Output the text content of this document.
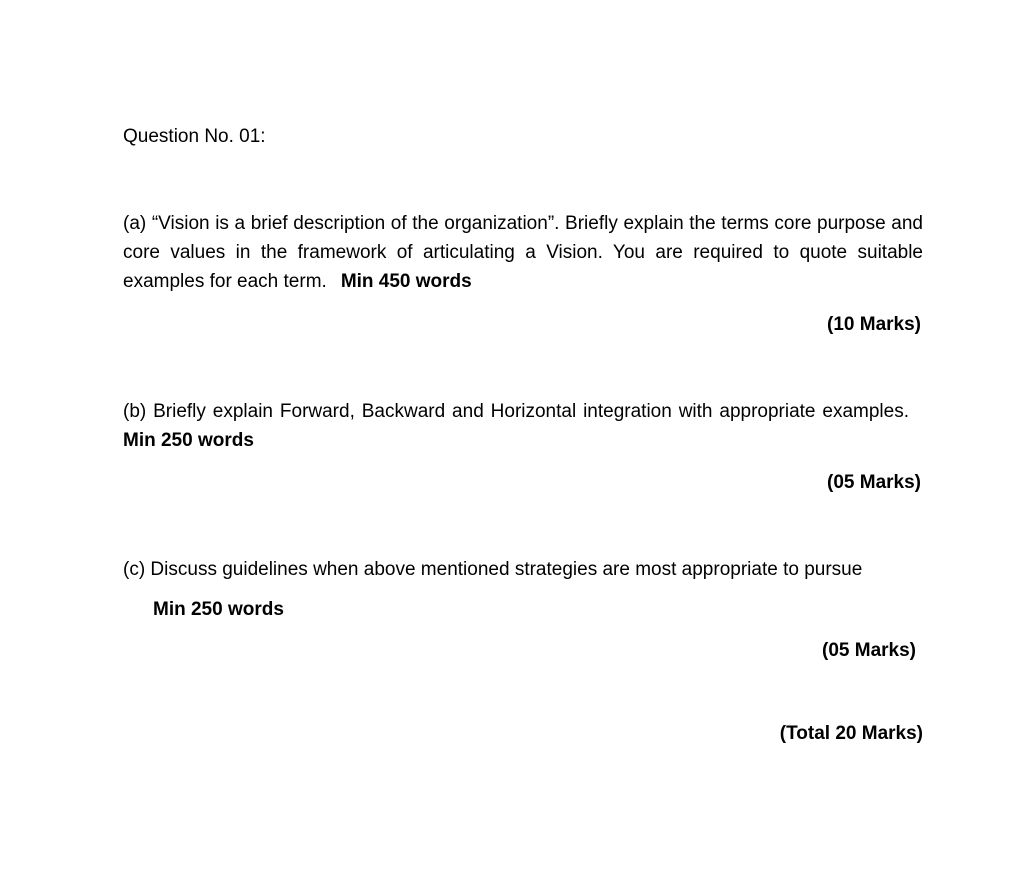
Question No. 01:
(a) “Vision is a brief description of the organization”. Briefly explain the terms core purpose and core values in the framework of articulating a Vision. You are required to quote suitable examples for each term. Min 450 words
(10 Marks)
(b) Briefly explain Forward, Backward and Horizontal integration with appropriate examples.Min 250 words
(05 Marks)
(c) Discuss guidelines when above mentioned strategies are most appropriate to pursue
Min 250 words
(05 Marks)
(Total 20 Marks)
